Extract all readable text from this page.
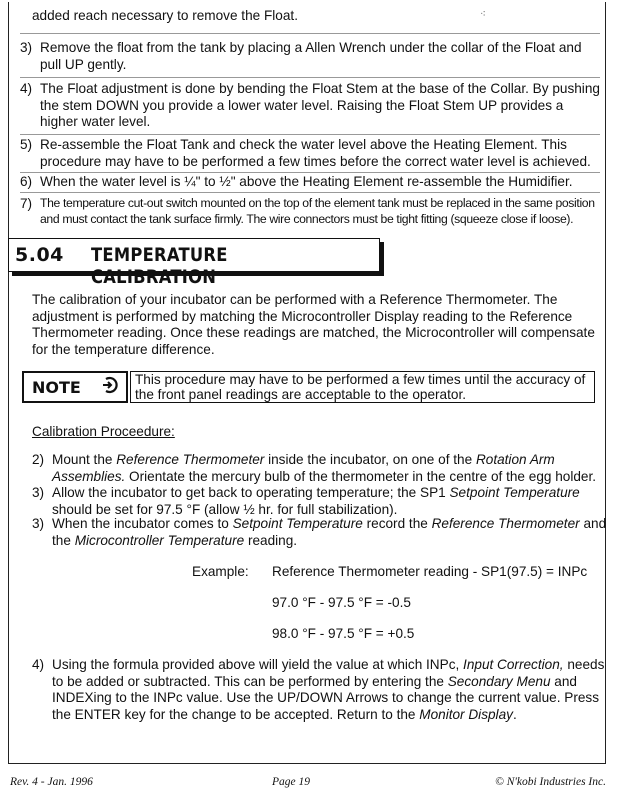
added reach necessary to remove the Float.	⁖
3) Remove the float from the tank by placing a Allen Wrench under the collar of the Float and pull UP gently.

4) The Float adjustment is done by bending the Float Stem at the base of the Collar. By pushing the stem DOWN you provide a lower water level. Raising the Float Stem UP provides a higher water level.

5) Re-assemble the Float Tank and check the water level above the Heating Element. This procedure may have to be performed a few times before the correct water level is achieved.

6) When the water level is ¼" to ½" above the Heating Element re-assemble the Humidifier.

7) The temperature cut-out switch mounted on the top of the element tank must be replaced in the same position and must contact the tank surface firmly. The wire connectors must be tight fitting (squeeze close if loose).

5.04 TEMPERATURE CALIBRATION

The calibration of your incubator can be performed with a Reference Thermometer. The adjustment is performed by matching the Microcontroller Display reading to the Reference Thermometer reading. Once these readings are matched, the Microcontroller will compensate for the temperature difference.

NOTE	This procedure may have to be performed a few times until the accuracy of the front panel readings are acceptable to the operator.
Calibration Proceedure:
2) Mount the Reference Thermometer inside the incubator, on one of the Rotation Arm Assemblies. Orientate the mercury bulb of the thermometer in the centre of the egg holder.

3) Allow the incubator to get back to operating temperature; the SP1 Setpoint Temperature should be set for 97.5 °F (allow ½ hr. for full stabilization).

3) When the incubator comes to Setpoint Temperature record the Reference Thermometer and the Microcontroller Temperature reading.

Example: Reference Thermometer reading - SP1(97.5) = INPc
97.0 °F - 97.5 °F = -0.5
98.0 °F - 97.5 °F = +0.5
4) Using the formula provided above will yield the value at which INPc, Input Correction, needs to be added or subtracted. This can be performed by entering the Secondary Menu and INDEXing to the INPc value. Use the UP/DOWN Arrows to change the current value. Press the ENTER key for the change to be accepted. Return to the Monitor Display.

Rev. 4 - Jan. 1996	Page 19	© N'kobi Industries Inc.
